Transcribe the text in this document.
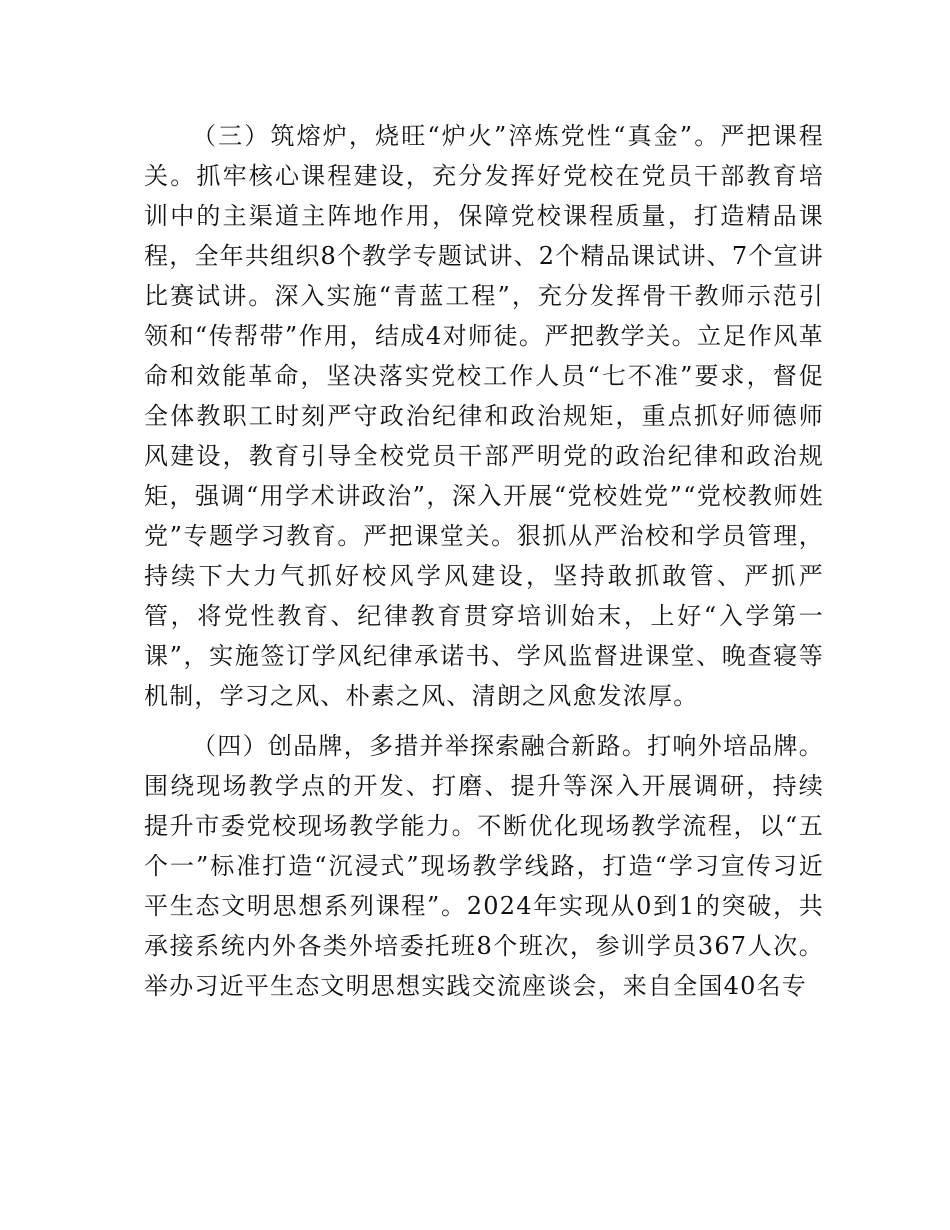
（三）筑熔炉，烧旺“炉火”淬炼党性“真金”。严把课程关。抓牢核心课程建设，充分发挥好党校在党员干部教育培训中的主渠道主阵地作用，保障党校课程质量，打造精品课程，全年共组织8个教学专题试讲、2个精品课试讲、7个宣讲比赛试讲。深入实施“青蓝工程”，充分发挥骨干教师示范引领和“传帮带”作用，结成4对师徒。严把教学关。立足作风革命和效能革命，坚决落实党校工作人员“七不准”要求，督促全体教职工时刻严守政治纪律和政治规矩，重点抓好师德师风建设，教育引导全校党员干部严明党的政治纪律和政治规矩，强调“用学术讲政治”，深入开展“党校姓党”“党校教师姓党”专题学习教育。严把课堂关。狠抓从严治校和学员管理，持续下大力气抓好校风学风建设，坚持敢抓敢管、严抓严管，将党性教育、纪律教育贯穿培训始末，上好“入学第一课”，实施签订学风纪律承诺书、学风监督进课堂、晚查寝等机制，学习之风、朴素之风、清朗之风愈发浓厚。

（四）创品牌，多措并举探索融合新路。打响外培品牌。围绕现场教学点的开发、打磨、提升等深入开展调研，持续提升市委党校现场教学能力。不断优化现场教学流程，以“五个一”标准打造“沉浸式”现场教学线路，打造“学习宣传习近平生态文明思想系列课程”。2024年实现从0到1的突破，共承接系统内外各类外培委托班8个班次，参训学员367人次。举办习近平生态文明思想实践交流座谈会，来自全国40名专
